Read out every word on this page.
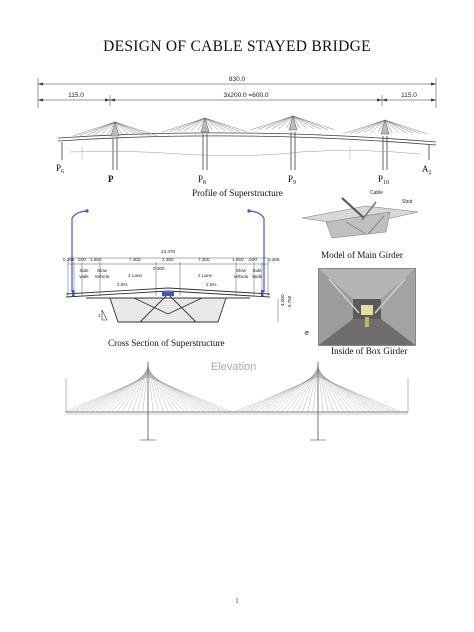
DESIGN OF CABLE STAYED BRIDGE
830.0
115.0	3x200.0 =600.0	115.0
$P_6$
P	$P_8$	$P_9$	$P_{10}$
$A_2$
Profile of Superstructure	Cable
Strut
Model of Main Girder
24.470
0.305 .500 1.650	7.300	2.360	7.300	1.650 .500 0.305
0.300
Side walk
Slow Vehicle	2 Lane	2 Lane
Slow Vehicle
Side Walk
2.5%	2.5%
1
4.000 - 0.750
Cross Section of Superstructure
e
Inside of Box Girder
Elevation
1
